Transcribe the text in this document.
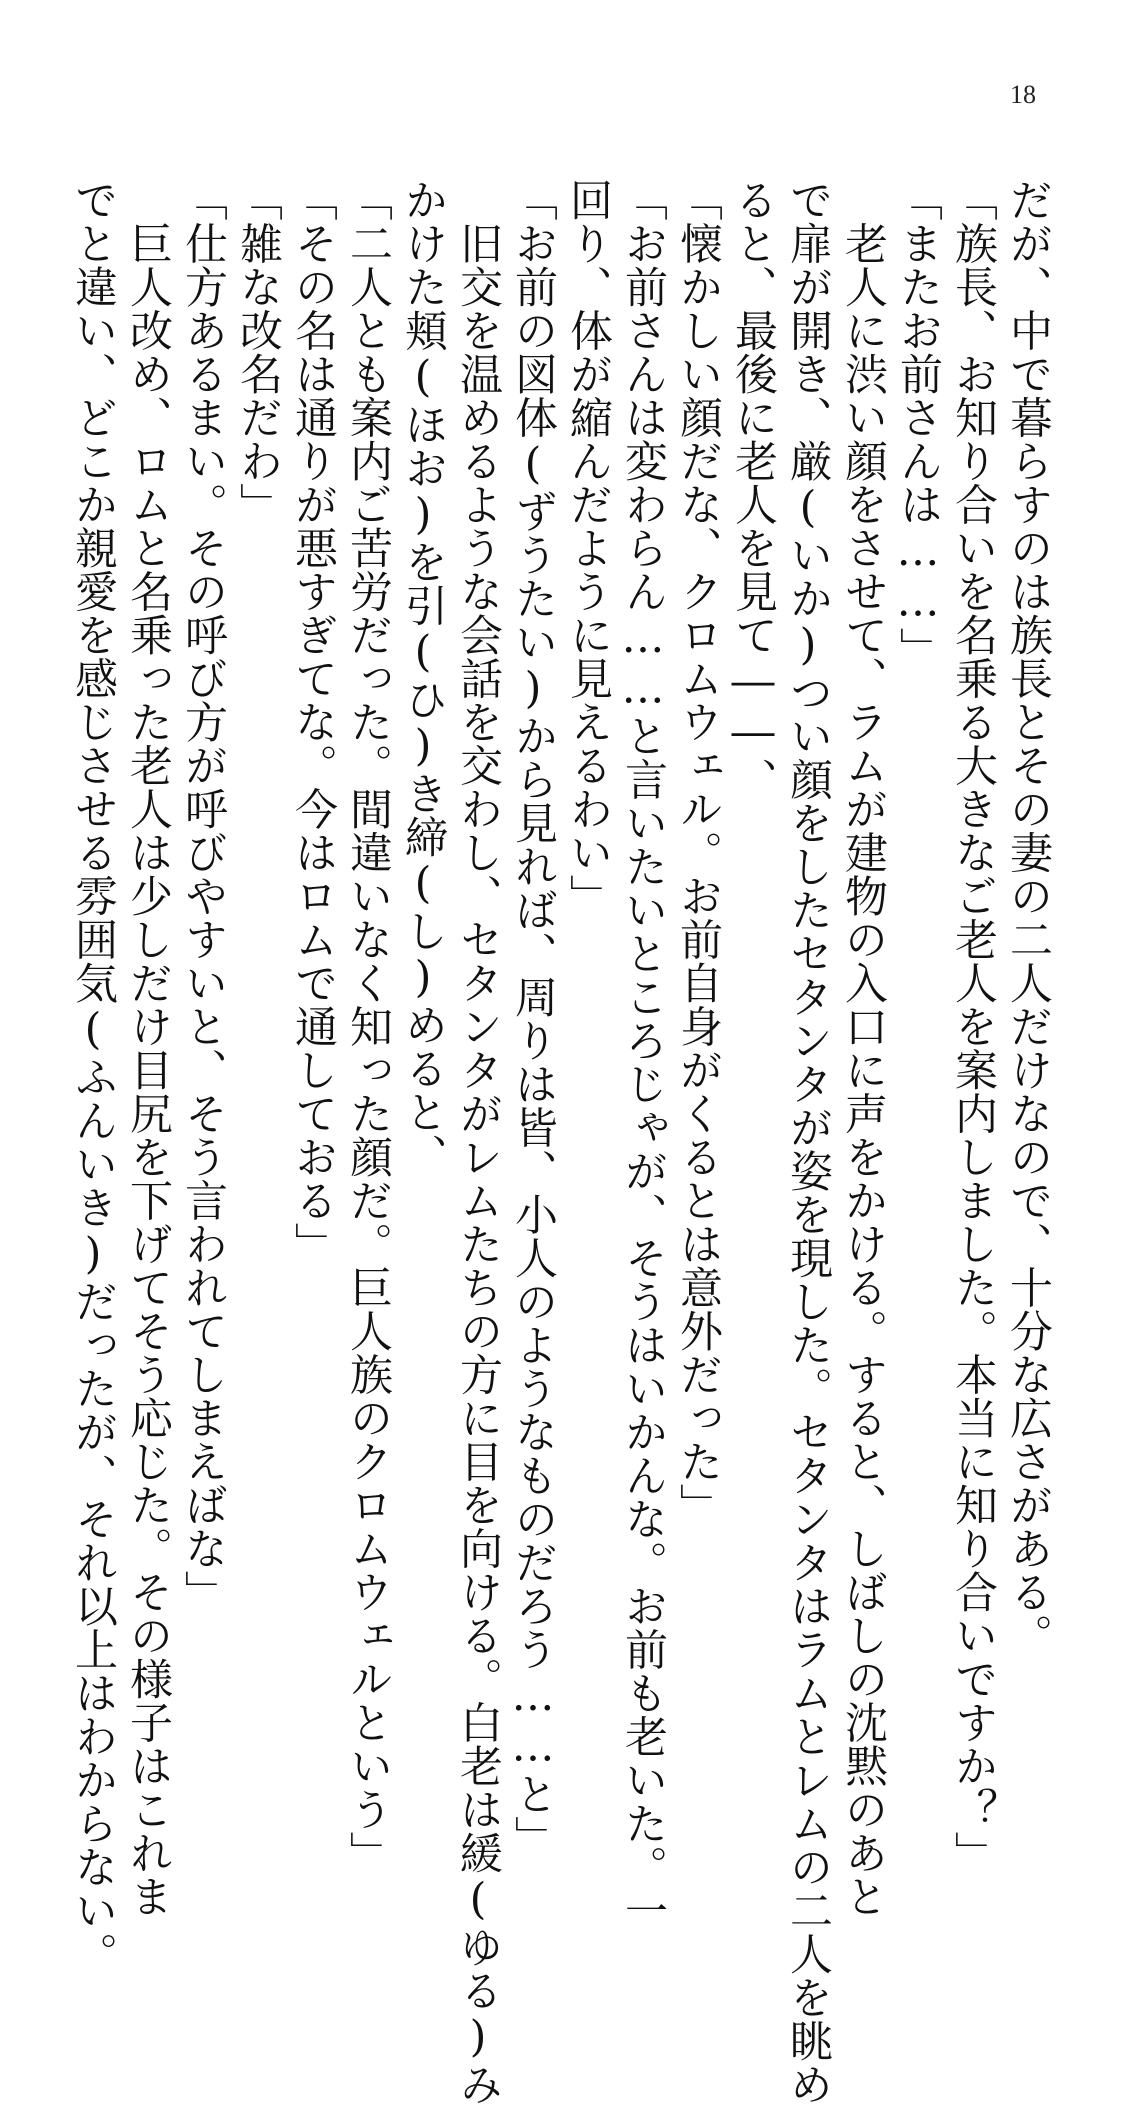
18
だが、中で暮らすのは族長とその妻の二人だけなので、十分な広さがある。
「族長、お知り合いを名乗る大きなご老人を案内しました。本当に知り合いですか？」
「またお前さんは……」
　老人に渋い顔をさせて、ラムが建物の入口に声をかける。すると、しばしの沈黙のあと
で扉が開き、厳(いか)つい顔をしたセタンタが姿を現した。セタンタはラムとレムの二人を眺め
ると、最後に老人を見て――、
「懐かしい顔だな、クロムウェル。お前自身がくるとは意外だった」
「お前さんは変わらん……と言いたいところじゃが、そうはいかんな。お前も老いた。一
回り、体が縮んだように見えるわい」
「お前の図体(ずうたい)から見れば、周りは皆、小人のようなものだろう……と」
　旧交を温めるような会話を交わし、セタンタがレムたちの方に目を向ける。白老は緩(ゆる)み
かけた頬(ほお)を引(ひ)き締(し)めると、
「二人とも案内ご苦労だった。間違いなく知った顔だ。巨人族のクロムウェルという」
「その名は通りが悪すぎてな。今はロムで通しておる」
「雑な改名だわ」
「仕方あるまい。その呼び方が呼びやすいと、そう言われてしまえばな」
　巨人改め、ロムと名乗った老人は少しだけ目尻を下げてそう応じた。その様子はこれま
でと違い、どこか親愛を感じさせる雰囲気(ふんいき)だったが、それ以上はわからない。
